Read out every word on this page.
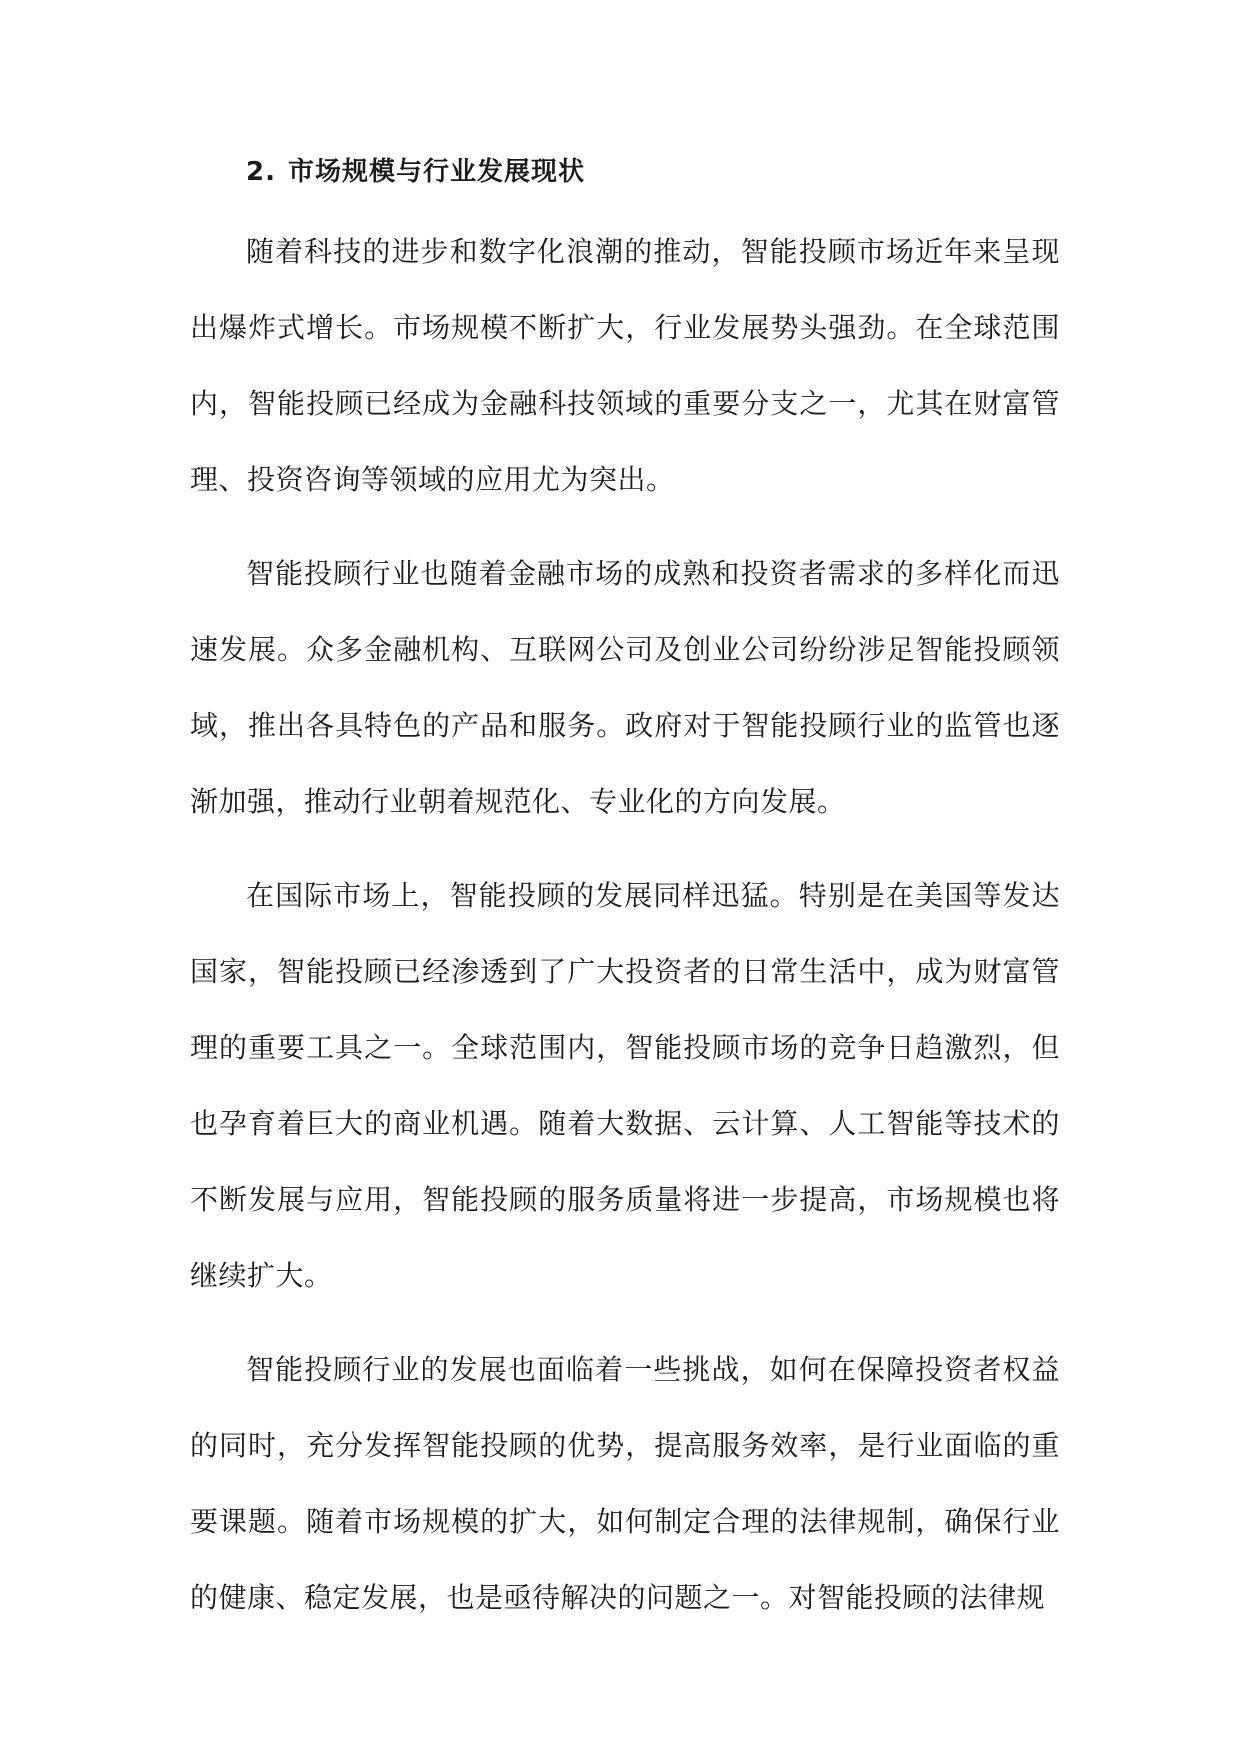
2. 市场规模与行业发展现状

随着科技的进步和数字化浪潮的推动，智能投顾市场近年来呈现出爆炸式增长。市场规模不断扩大，行业发展势头强劲。在全球范围内，智能投顾已经成为金融科技领域的重要分支之一，尤其在财富管理、投资咨询等领域的应用尤为突出。

智能投顾行业也随着金融市场的成熟和投资者需求的多样化而迅速发展。众多金融机构、互联网公司及创业公司纷纷涉足智能投顾领域，推出各具特色的产品和服务。政府对于智能投顾行业的监管也逐渐加强，推动行业朝着规范化、专业化的方向发展。

在国际市场上，智能投顾的发展同样迅猛。特别是在美国等发达国家，智能投顾已经渗透到了广大投资者的日常生活中，成为财富管理的重要工具之一。全球范围内，智能投顾市场的竞争日趋激烈，但也孕育着巨大的商业机遇。随着大数据、云计算、人工智能等技术的不断发展与应用，智能投顾的服务质量将进一步提高，市场规模也将继续扩大。

智能投顾行业的发展也面临着一些挑战，如何在保障投资者权益的同时，充分发挥智能投顾的优势，提高服务效率，是行业面临的重要课题。随着市场规模的扩大，如何制定合理的法律规制，确保行业的健康、稳定发展，也是亟待解决的问题之一。对智能投顾的法律规
